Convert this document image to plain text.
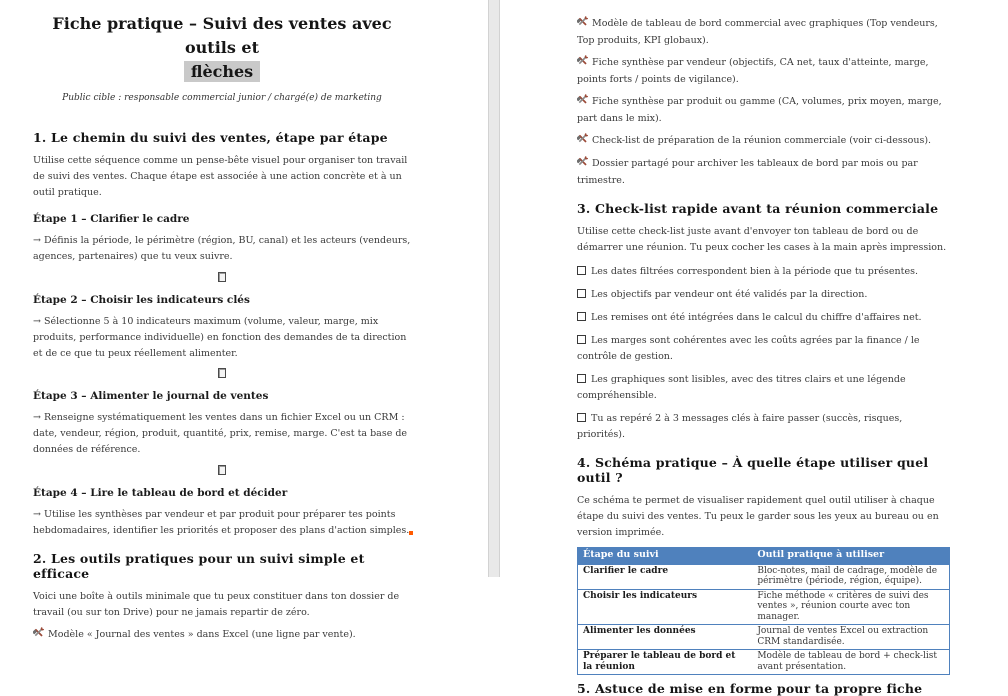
Fiche pratique – Suivi des ventes avec outils et
flèches

Public cible : responsable commercial junior / chargé(e) de marketing

1. Le chemin du suivi des ventes, étape par étape

Utilise cette séquence comme un pense-bête visuel pour organiser ton travail de suivi des ventes. Chaque étape est associée à une action concrète et à un outil pratique.

Étape 1 – Clarifier le cadre

→ Définis la période, le périmètre (région, BU, canal) et les acteurs (vendeurs, agences, partenaires) que tu veux suivre.

Étape 2 – Choisir les indicateurs clés

→ Sélectionne 5 à 10 indicateurs maximum (volume, valeur, marge, mix produits, performance individuelle) en fonction des demandes de ta direction et de ce que tu peux réellement alimenter.

Étape 3 – Alimenter le journal de ventes

→ Renseigne systématiquement les ventes dans un fichier Excel ou un CRM : date, vendeur, région, produit, quantité, prix, remise, marge. C'est ta base de données de référence.

Étape 4 – Lire le tableau de bord et décider

→ Utilise les synthèses par vendeur et par produit pour préparer tes points hebdomadaires, identifier les priorités et proposer des plans d'action simples.

2. Les outils pratiques pour un suivi simple et efficace

Voici une boîte à outils minimale que tu peux constituer dans ton dossier de travail (ou sur ton Drive) pour ne jamais repartir de zéro.

Modèle « Journal des ventes » dans Excel (une ligne par vente).

Modèle de tableau de bord commercial avec graphiques (Top vendeurs, Top produits, KPI globaux).

Fiche synthèse par vendeur (objectifs, CA net, taux d'atteinte, marge, points forts / points de vigilance).

Fiche synthèse par produit ou gamme (CA, volumes, prix moyen, marge, part dans le mix).

Check-list de préparation de la réunion commerciale (voir ci-dessous).

Dossier partagé pour archiver les tableaux de bord par mois ou par trimestre.

3. Check-list rapide avant ta réunion commerciale

Utilise cette check-list juste avant d'envoyer ton tableau de bord ou de démarrer une réunion. Tu peux cocher les cases à la main après impression.

Les dates filtrées correspondent bien à la période que tu présentes.

Les objectifs par vendeur ont été validés par la direction.

Les remises ont été intégrées dans le calcul du chiffre d'affaires net.

Les marges sont cohérentes avec les coûts agrées par la finance / le contrôle de gestion.

Les graphiques sont lisibles, avec des titres clairs et une légende compréhensible.

Tu as repéré 2 à 3 messages clés à faire passer (succès, risques, priorités).

4. Schéma pratique – À quelle étape utiliser quel outil ?

Ce schéma te permet de visualiser rapidement quel outil utiliser à chaque étape du suivi des ventes. Tu peux le garder sous les yeux au bureau ou en version imprimée.

Étape du suivi	Outil pratique à utiliser
Clarifier le cadre	Bloc-notes, mail de cadrage, modèle de périmètre (période, région, équipe).
Choisir les indicateurs	Fiche méthode « critères de suivi des ventes », réunion courte avec ton manager.
Alimenter les données	Journal de ventes Excel ou extraction CRM standardisée.
Préparer le tableau de bord et la réunion	Modèle de tableau de bord + check-list avant présentation.
5. Astuce de mise en forme pour ta propre fiche
